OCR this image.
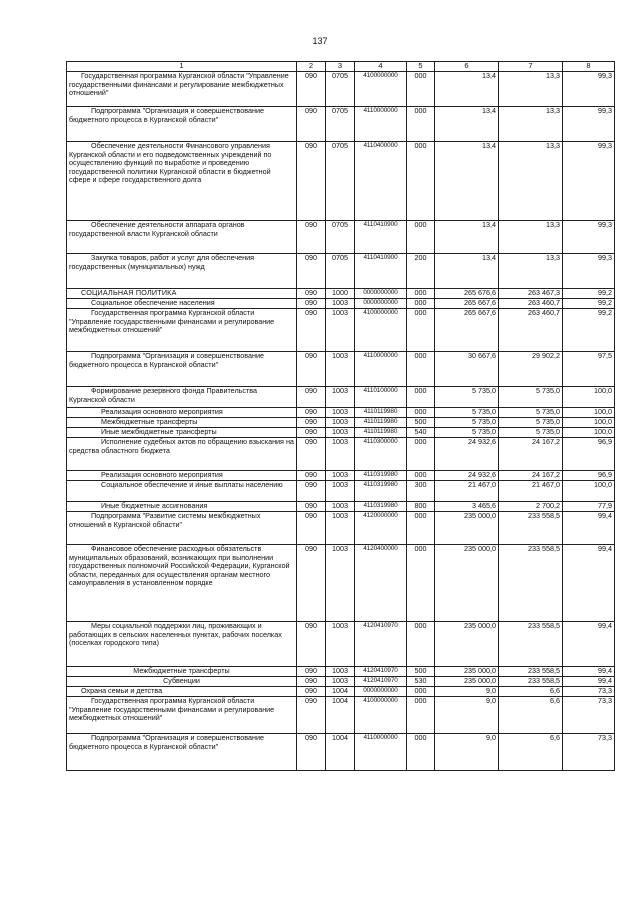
137
1	2	3	4	5	6	7	8
Государственная программа Курганской области "Управление государственными финансами и регулирование межбюджетных отношений"	090	0705	4100000000	000	13,4	13,3	99,3
Подпрограмма "Организация и совершенствование бюджетного процесса в Курганской области"	090	0705	4110000000	000	13,4	13,3	99,3
Обеспечение деятельности Финансового управления Курганской области и его подведомственных учреждений по осуществлению функций по выработке и проведению государственной политики Курганской области в бюджетной сфере и сфере государственного долга	090	0705	4110400000	000	13,4	13,3	99,3
Обеспечение деятельности аппарата органов государственной власти Курганской области	090	0705	4110410900	000	13,4	13,3	99,3
Закупка товаров, работ и услуг для обеспечения государственных (муниципальных) нужд	090	0705	4110410900	200	13,4	13,3	99,3
СОЦИАЛЬНАЯ ПОЛИТИКА	090	1000	0000000000	000	265 676,6	263 467,3	99,2
Социальное обеспечение населения	090	1003	0000000000	000	265 667,6	263 460,7	99,2
Государственная программа Курганской области "Управление государственными финансами и регулирование межбюджетных отношений"	090	1003	4100000000	000	265 667,6	263 460,7	99,2
Подпрограмма "Организация и совершенствование бюджетного процесса в Курганской области"	090	1003	4110000000	000	30 667,6	29 902,2	97,5
Формирование резервного фонда Правительства Курганской области	090	1003	4110100000	000	5 735,0	5 735,0	100,0
Реализация основного мероприятия	090	1003	4110119980	000	5 735,0	5 735,0	100,0
Межбюджетные трансферты	090	1003	4110119980	500	5 735,0	5 735,0	100,0
Иные межбюджетные трансферты	090	1003	4110119980	540	5 735,0	5 735,0	100,0
Исполнение судебных актов по обращению взыскания на средства областного бюджета	090	1003	4110300000	000	24 932,6	24 167,2	96,9
Реализация основного мероприятия	090	1003	4110319980	000	24 932,6	24 167,2	96,9
Социальное обеспечение и иные выплаты населению	090	1003	4110319980	300	21 467,0	21 467,0	100,0
Иные бюджетные ассигнования	090	1003	4110319980	800	3 465,6	2 700,2	77,9
Подпрограмма "Развитие системы межбюджетных отношений в Курганской области"	090	1003	4120000000	000	235 000,0	233 558,5	99,4
Финансовое обеспечение расходных обязательств муниципальных образований, возникающих при выполнении государственных полномочий Российской Федерации, Курганской области, переданных для осуществления органам местного самоуправления в установленном порядке	090	1003	4120400000	000	235 000,0	233 558,5	99,4
Меры социальной поддержки лиц, проживающих и работающих в сельских населенных пунктах, рабочих поселках (поселках городского типа)	090	1003	4120410970	000	235 000,0	233 558,5	99,4
Межбюджетные трансферты	090	1003	4120410970	500	235 000,0	233 558,5	99,4
Субвенции	090	1003	4120410970	530	235 000,0	233 558,5	99,4
Охрана семьи и детства	090	1004	0000000000	000	9,0	6,6	73,3
Государственная программа Курганской области "Управление государственными финансами и регулирование межбюджетных отношений"	090	1004	4100000000	000	9,0	6,6	73,3
Подпрограмма "Организация и совершенствование бюджетного процесса в Курганской области"	090	1004	4110000000	000	9,0	6,6	73,3
